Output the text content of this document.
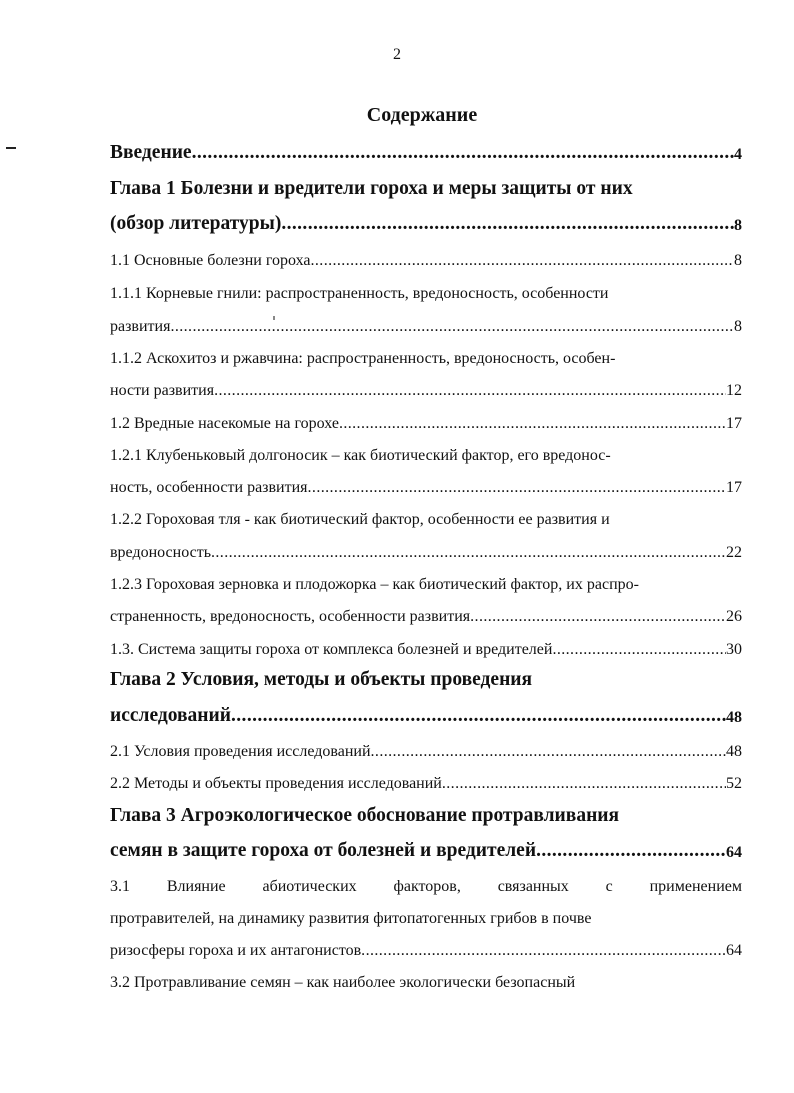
2
Содержание
Введение .....	4
Глава 1 Болезни и вредители гороха и меры защиты от них
(обзор литературы) .....	8
1.1 Основные болезни гороха .....	8
1.1.1 Корневые гнили: распространенность, вредоносность, особенности
развития .....	8
1.1.2 Аскохитоз и ржавчина: распространенность, вредоносность, особен-
ности развития .....	12
1.2 Вредные насекомые на горохе .....	17
1.2.1 Клубеньковый долгоносик – как биотический фактор, его вредонос-
ность, особенности развития .....	17
1.2.2 Гороховая тля - как биотический фактор, особенности ее развития и
вредоносность .....	22
1.2.3 Гороховая зерновка и плодожорка – как биотический фактор, их распро-
страненность, вредоносность, особенности развития .....	26
1.3. Система защиты гороха от комплекса болезней и вредителей .....	30
Глава 2 Условия, методы и объекты проведения
исследований .....	48
2.1 Условия проведения исследований .....	48
2.2 Методы и объекты проведения исследований .....	52
Глава 3 Агроэкологическое обоснование протравливания
семян в защите гороха от болезней и вредителей .....	64
3.1 Влияние абиотических факторов, связанных с применением
протравителей, на динамику развития фитопатогенных грибов в почве
ризосферы гороха и их антагонистов .....	64
3.2 Протравливание семян – как наиболее экологически безопасный
